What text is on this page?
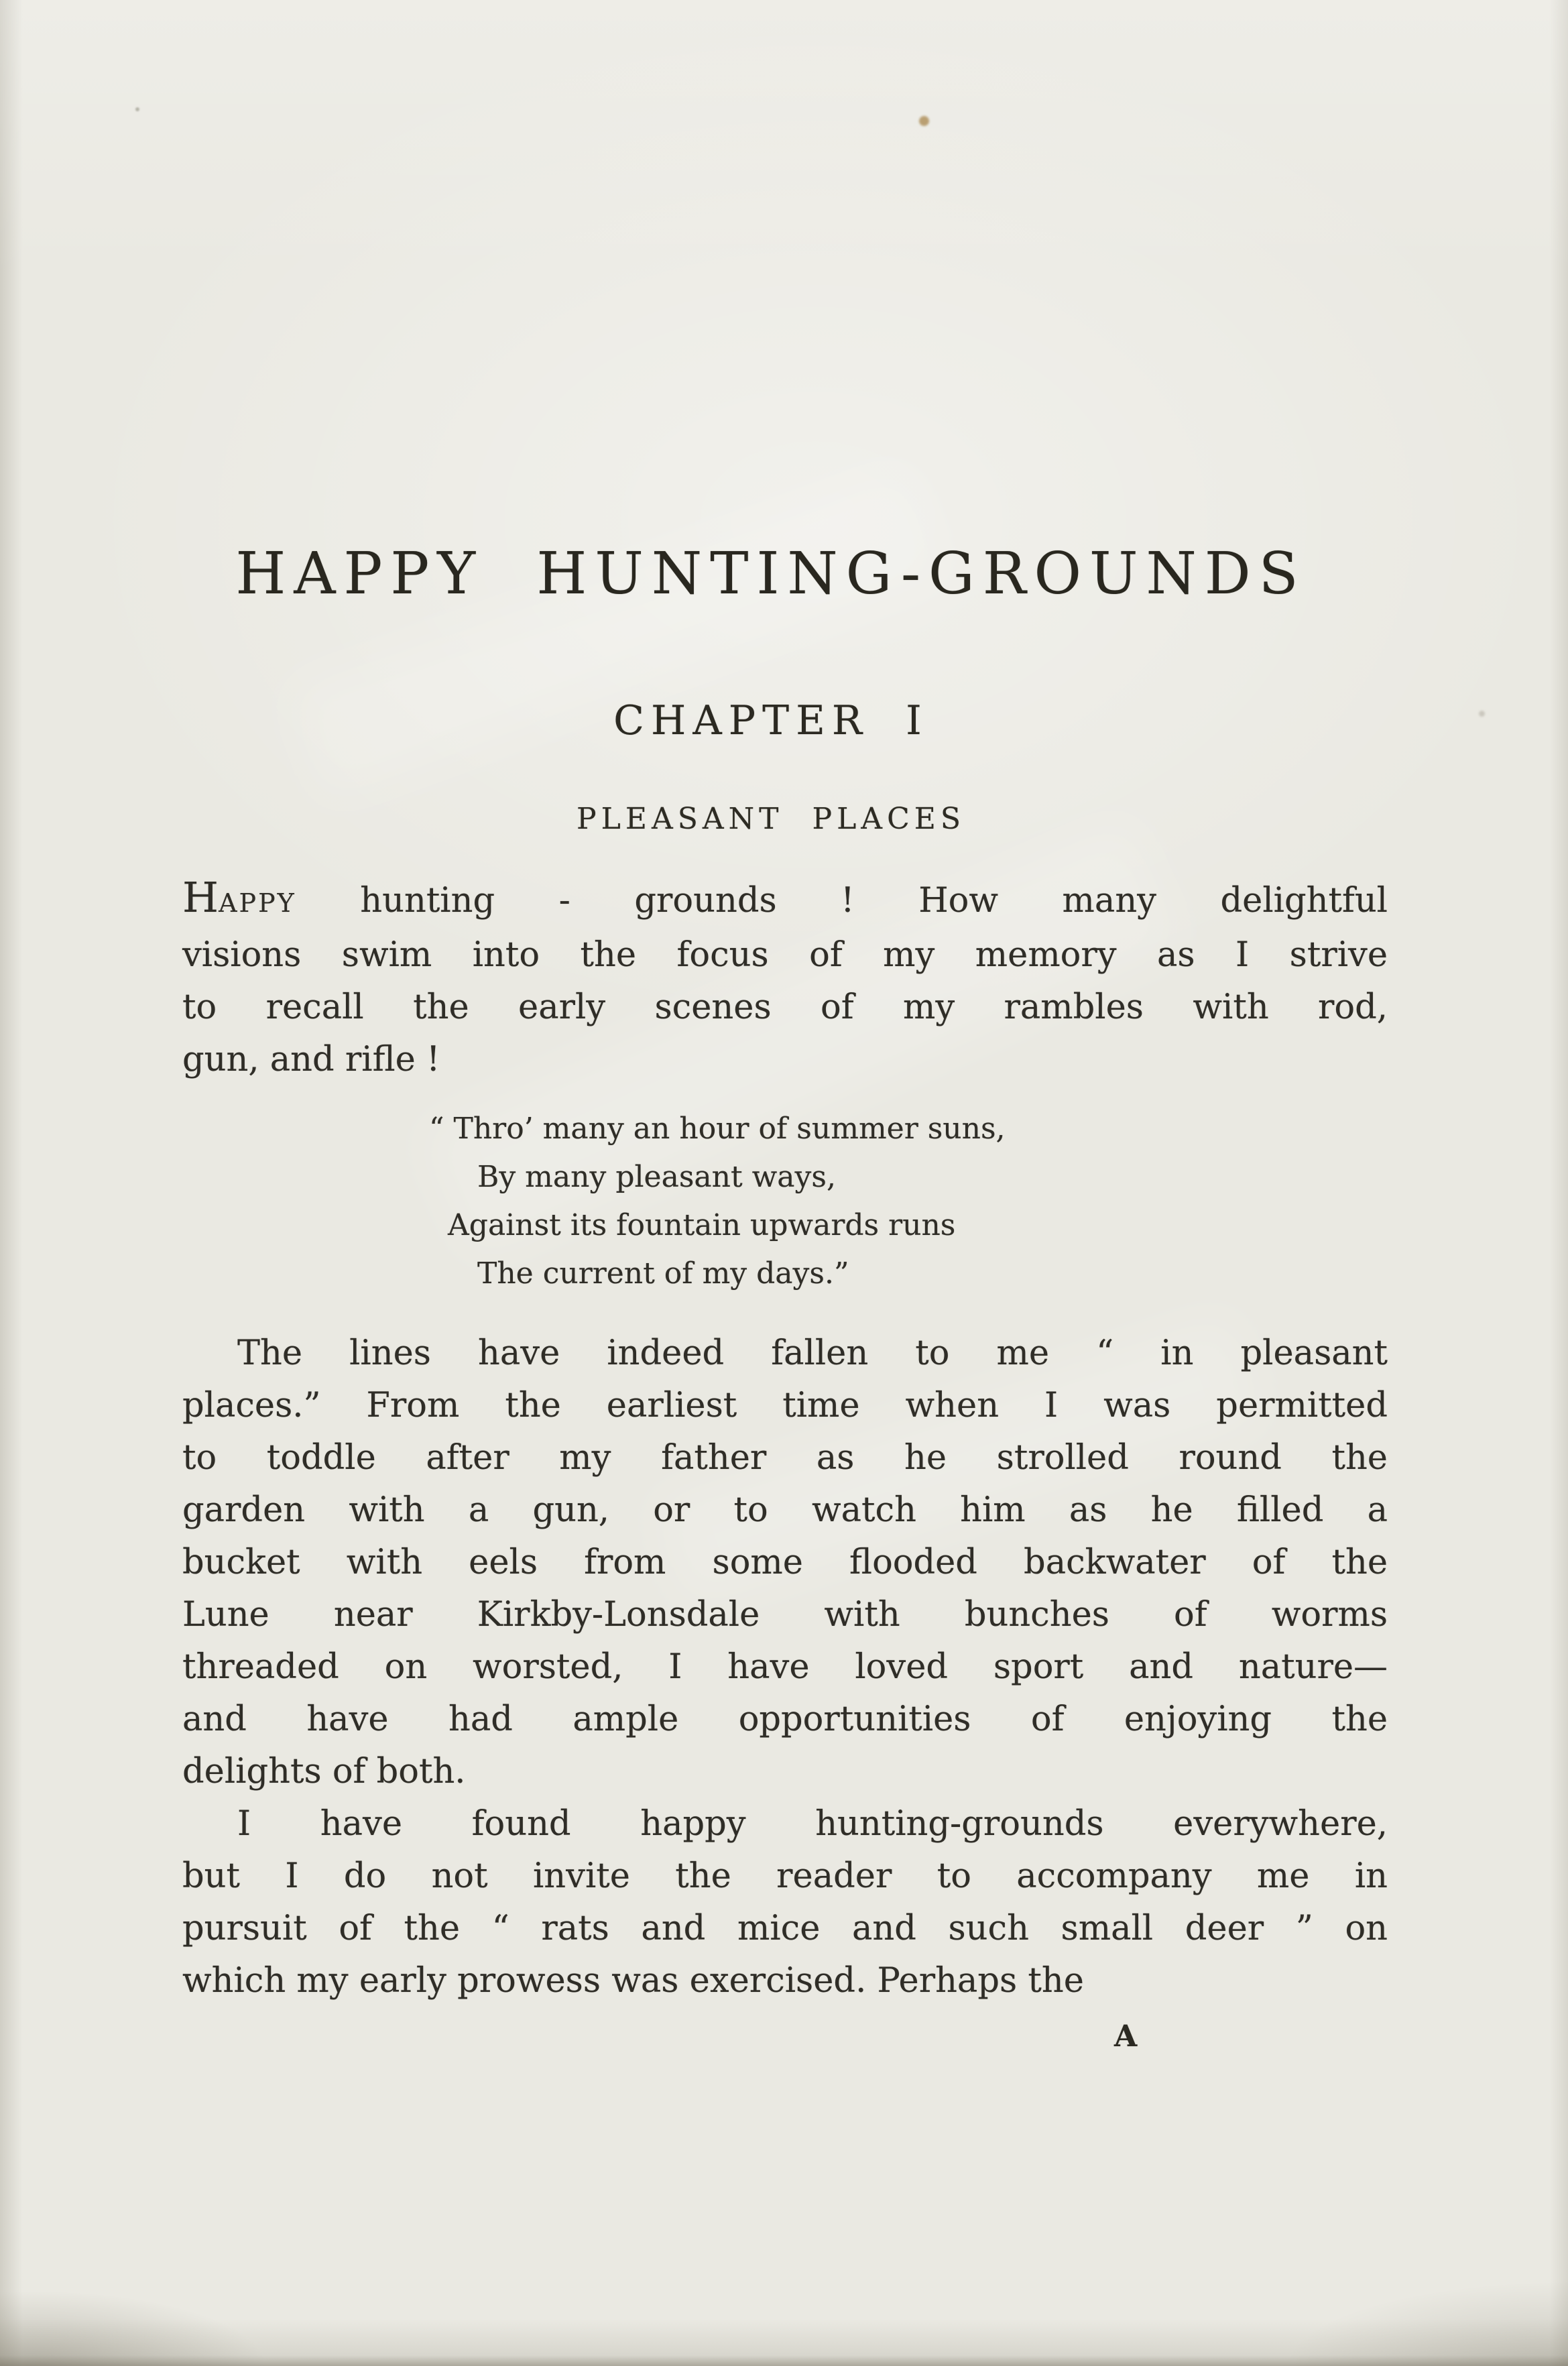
HAPPY HUNTING-GROUNDS
CHAPTER I
PLEASANT PLACES
HAPPY hunting - grounds ! How many delightful
visions swim into the focus of my memory as I strive
to recall the early scenes of my rambles with rod,
gun, and rifle !
“ Thro’ many an hour of summer suns,
By many pleasant ways,
Against its fountain upwards runs
The current of my days.”
The lines have indeed fallen to me “ in pleasant
places.” From the earliest time when I was permitted
to toddle after my father as he strolled round the
garden with a gun, or to watch him as he filled a
bucket with eels from some flooded backwater of the
Lune near Kirkby-Lonsdale with bunches of worms
threaded on worsted, I have loved sport and nature—
and have had ample opportunities of enjoying the
delights of both.
I have found happy hunting-grounds everywhere,
but I do not invite the reader to accompany me in
pursuit of the “ rats and mice and such small deer ” on
which my early prowess was exercised. Perhaps the
A
